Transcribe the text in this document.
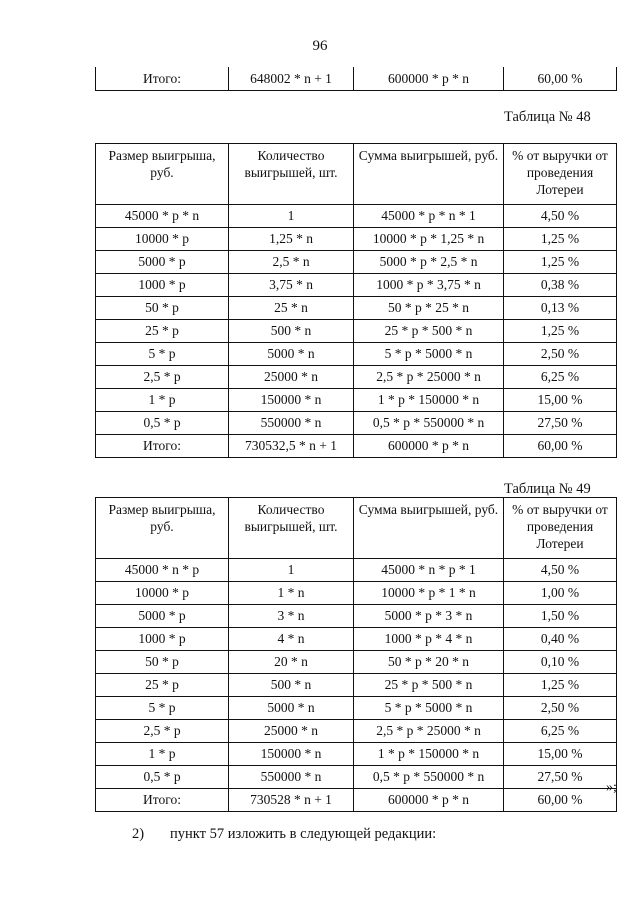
96
Итого:	648002 * n + 1	600000 * p * n	60,00 %
Таблица № 48
Размер выигрыша, руб.	Количество выигрышей, шт.	Сумма выигрышей, руб.	% от выручки от проведения Лотереи
45000 * p * n	1	45000 * p * n * 1	4,50 %
10000 * p	1,25 * n	10000 * p * 1,25 * n	1,25 %
5000 * p	2,5 * n	5000 * p * 2,5 * n	1,25 %
1000 * p	3,75 * n	1000 * p * 3,75 * n	0,38 %
50 * p	25 * n	50 * p * 25 * n	0,13 %
25 * p	500 * n	25 * p * 500 * n	1,25 %
5 * p	5000 * n	5 * p * 5000 * n	2,50 %
2,5 * p	25000 * n	2,5 * p * 25000 * n	6,25 %
1 * p	150000 * n	1 * p * 150000 * n	15,00 %
0,5 * p	550000 * n	0,5 * p * 550000 * n	27,50 %
Итого:	730532,5 * n + 1	600000 * p * n	60,00 %
Таблица № 49
Размер выигрыша, руб.	Количество выигрышей, шт.	Сумма выигрышей, руб.	% от выручки от проведения Лотереи
45000 * n * p	1	45000 * n * p * 1	4,50 %
10000 * p	1 * n	10000 * p * 1 * n	1,00 %
5000 * p	3 * n	5000 * p * 3 * n	1,50 %
1000 * p	4 * n	1000 * p * 4 * n	0,40 %
50 * p	20 * n	50 * p * 20 * n	0,10 %
25 * p	500 * n	25 * p * 500 * n	1,25 %
5 * p	5000 * n	5 * p * 5000 * n	2,50 %
2,5 * p	25000 * n	2,5 * p * 25000 * n	6,25 %
1 * p	150000 * n	1 * p * 150000 * n	15,00 %
0,5 * p	550000 * n	0,5 * p * 550000 * n	27,50 %
Итого:	730528 * n + 1	600000 * p * n	60,00 %
»;
2) пункт 57 изложить в следующей редакции:
